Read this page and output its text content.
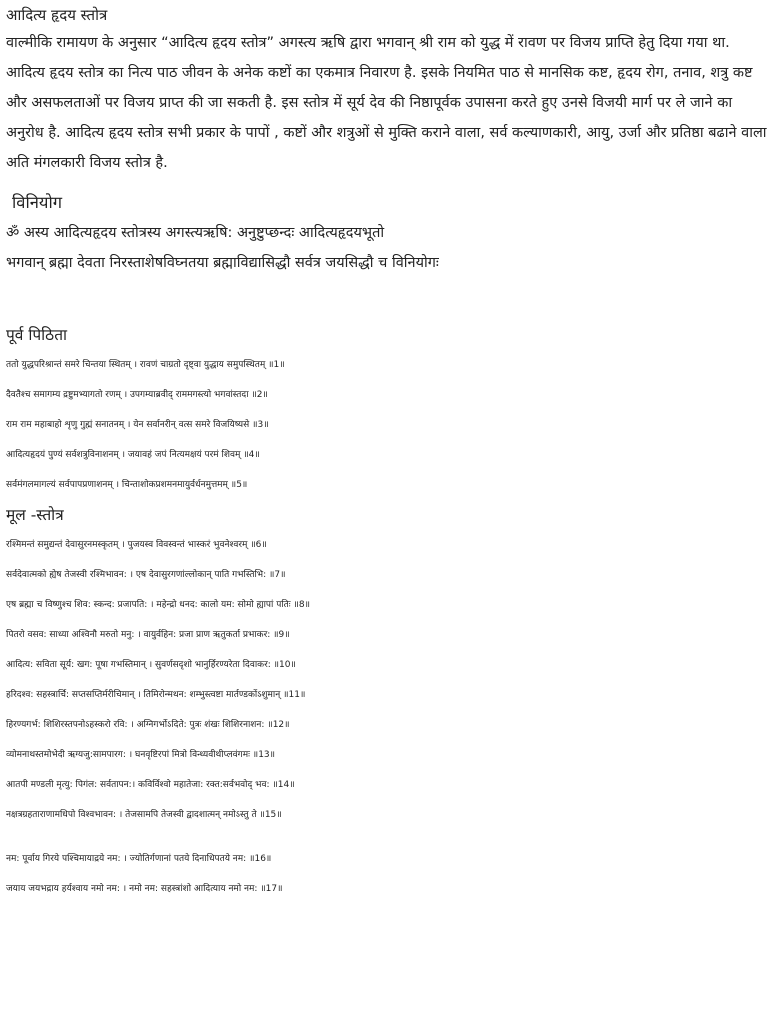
आदित्य हृदय स्तोत्र

वाल्मीकि रामायण के अनुसार “आदित्य हृदय स्तोत्र” अगस्त्य ऋषि द्वारा भगवान् श्री राम को युद्ध में रावण पर विजय प्राप्ति हेतु दिया गया था. आदित्य हृदय स्तोत्र का नित्य पाठ जीवन के अनेक कष्टों का एकमात्र निवारण है. इसके नियमित पाठ से मानसिक कष्ट, हृदय रोग, तनाव, शत्रु कष्ट और असफलताओं पर विजय प्राप्त की जा सकती है. इस स्तोत्र में सूर्य देव की निष्ठापूर्वक उपासना करते हुए उनसे विजयी मार्ग पर ले जाने का अनुरोध है. आदित्य हृदय स्तोत्र सभी प्रकार के पापों , कष्टों और शत्रुओं से मुक्ति कराने वाला, सर्व कल्याणकारी, आयु, उर्जा और प्रतिष्ठा बढाने वाला अति मंगलकारी विजय स्तोत्र है.

विनियोग

ॐ अस्य आदित्यहृदय स्तोत्रस्य अगस्त्यऋषि: अनुष्टुप्छन्दः आदित्यहृदयभूतो

भगवान् ब्रह्मा देवता निरस्ताशेषविघ्नतया ब्रह्माविद्यासिद्धौ सर्वत्र जयसिद्धौ च विनियोगः

पूर्व पिठिता
ततो युद्धपरिश्रान्तं समरे चिन्तया स्थितम् । रावणं चाग्रतो दृष्ट्वा युद्धाय समुपस्थितम् ॥1॥
दैवतैश्च समागम्य द्रष्टुमभ्यागतो रणम् । उपगम्याब्रवीद् राममगस्त्यो भगवांस्तदा ॥2॥
राम राम महाबाहो शृणु गुह्मं सनातनम् । येन सर्वानरीन् वत्स समरे विजयिष्यसे ॥3॥
आदित्यहृदयं पुण्यं सर्वशत्रुविनाशनम् । जयावहं जपं नित्यमक्षयं परमं शिवम् ॥4॥
सर्वमंगलमागल्यं सर्वपापप्रणाशनम् । चिन्ताशोकप्रशमनमायुर्वर्धनमुत्तमम् ॥5॥
मूल -स्तोत्र
रश्मिमन्तं समुद्यन्तं देवासुरनमस्कृतम् । पुजयस्व विवस्वन्तं भास्करं भुवनेश्वरम् ॥6॥
सर्वदेवात्मको ह्येष तेजस्वी रश्मिभावन: । एष देवासुरगणांल्लोकान् पाति गभस्तिभि: ॥7॥
एष ब्रह्मा च विष्णुश्च शिव: स्कन्द: प्रजापति: । महेन्द्रो धनद: कालो यम: सोमो ह्यापां पतिः ॥8॥
पितरो वसव: साध्या अश्विनौ मरुतो मनु: । वायुर्वहिन: प्रजा प्राण ऋतुकर्ता प्रभाकर: ॥9॥
आदित्य: सविता सूर्य: खग: पूषा गभस्तिमान् । सुवर्णसदृशो भानुर्हिरण्यरेता दिवाकर: ॥10॥
हरिदश्व: सहस्त्रार्चि: सप्तसप्तिर्मरीचिमान् । तिमिरोन्मथन: शम्भुस्त्वष्टा मार्तण्डकोंऽशुमान् ॥11॥
हिरण्यगर्भ: शिशिरस्तपनोऽहस्करो रवि: । अग्निगर्भोऽदिते: पुत्रः शंखः शिशिरनाशन: ॥12॥
व्योमनाथस्तमोभेदी ऋग्यजु:सामपारग: । घनवृष्टिरपां मित्रो विन्ध्यवीथीप्लवंगमः ॥13॥
आतपी मण्डली मृत्यु: पिगंल: सर्वतापन:। कविर्विश्वो महातेजा: रक्त:सर्वभवोद् भव: ॥14॥
नक्षत्रग्रहताराणामधिपो विश्वभावन: । तेजसामपि तेजस्वी द्वादशात्मन् नमोऽस्तु ते ॥15॥
नम: पूर्वाय गिरये पश्चिमायाद्रये नम: । ज्योतिर्गणानां पतये दिनाधिपतये नम: ॥16॥
जयाय जयभद्राय हर्यश्वाय नमो नम: । नमो नम: सहस्त्रांशो आदित्याय नमो नम: ॥17॥
